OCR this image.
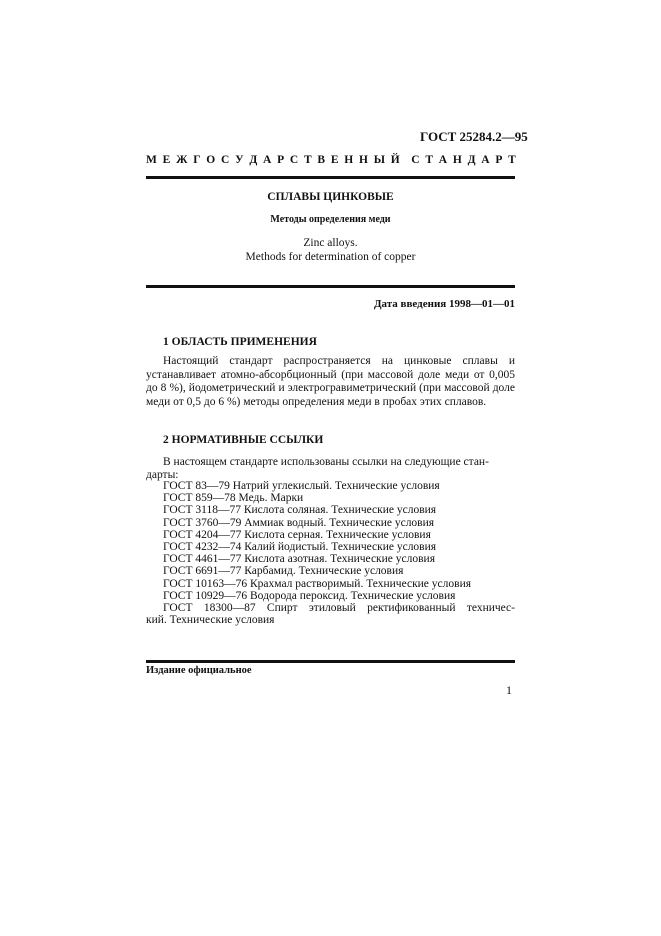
ГОСТ 25284.2—95
М Е Ж Г О С У Д А Р С Т В Е Н Н Ы Й С Т А Н Д А Р Т
СПЛАВЫ ЦИНКОВЫЕ
Методы определения меди
Zinc alloys.
Methods for determination of copper
Дата введения 1998—01—01
1 ОБЛАСТЬ ПРИМЕНЕНИЯ

Настоящий стандарт распространяется на цинковые сплавы и устанавливает атомно-абсорбционный (при массовой доле меди от 0,005 до 8 %), йодометрический и электрогравиметрический (при массовой доле меди от 0,5 до 6 %) методы определения меди в пробах этих сплавов.

2 НОРМАТИВНЫЕ ССЫЛКИ

В настоящем стандарте использованы ссылки на следующие стан-

дарты:
ГОСТ 83—79 Натрий углекислый. Технические условия
ГОСТ 859—78 Медь. Марки
ГОСТ 3118—77 Кислота соляная. Технические условия
ГОСТ 3760—79 Аммиак водный. Технические условия
ГОСТ 4204—77 Кислота серная. Технические условия
ГОСТ 4232—74 Калий йодистый. Технические условия
ГОСТ 4461—77 Кислота азотная. Технические условия
ГОСТ 6691—77 Карбамид. Технические условия
ГОСТ 10163—76 Крахмал растворимый. Технические условия
ГОСТ 10929—76 Водорода пероксид. Технические условия
ГОСТ 18300—87 Спирт этиловый ректификованный техничес-
кий. Технические условия
Издание официальное
1
